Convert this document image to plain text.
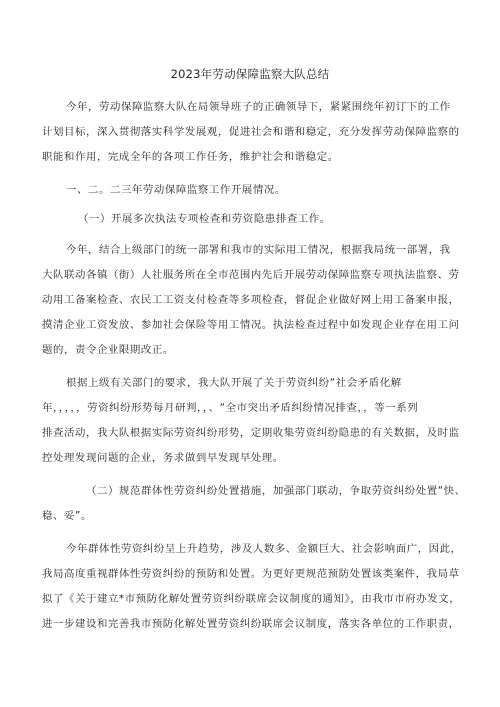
2023年劳动保障监察大队总结
今年，劳动保障监察大队在局领导班子的正确领导下，紧紧围绕年初订下的工作
计划目标，深入贯彻落实科学发展观，促进社会和谐和稳定，充分发挥劳动保障监察的
职能和作用，完成全年的各项工作任务，维护社会和谐稳定。
一、二。二三年劳动保障监察工作开展情况。
（一）开展多次执法专项检查和劳资隐患排查工作。
今年，结合上级部门的统一部署和我市的实际用工情况，根据我局统一部署，我
大队联动各镇（街）人社服务所在全市范围内先后开展劳动保障监察专项执法监察、劳
动用工备案检查、农民工工资支付检查等多项检查，督促企业做好网上用工备案申报，
摸清企业工资发放、参加社会保险等用工情况。执法检查过程中如发现企业存在用工问
题的，责令企业限期改正。
根据上级有关部门的要求，我大队开展了关于劳资纠纷“社会矛盾化解
年，，，，，劳资纠纷形势每月研判，，、“全市突出矛盾纠纷情况排查，，等一系列
排查活动，我大队根据实际劳资纠纷形势，定期收集劳资纠纷隐患的有关数据，及时监
控处理发现问题的企业，务求做到早发现早处理。
（二）规范群体性劳资纠纷处置措施，加强部门联动，争取劳资纠纷处置“快、
稳、妥”。
今年群体性劳资纠纷呈上升趋势，涉及人数多、金额巨大、社会影响面广，因此，
我局高度重视群体性劳资纠纷的预防和处置。为更好更规范预防处置该类案件，我局草
拟了《关于建立*市预防化解处置劳资纠纷联席会议制度的通知》，由我市市府办发文，
进一步建设和完善我市预防化解处置劳资纠纷联席会议制度，落实各单位的工作职责，
